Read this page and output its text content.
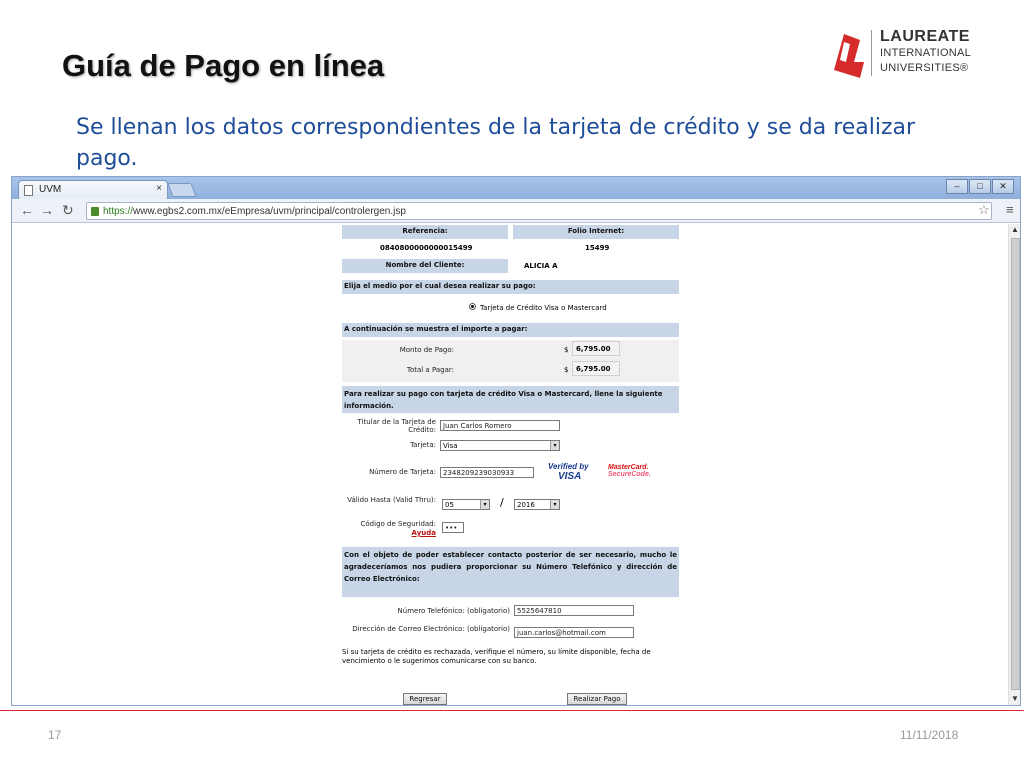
Guía de Pago en línea
LAUREATE
INTERNATIONAL
UNIVERSITIES®
Se llenan los datos correspondientes de la tarjeta de crédito y se da realizar pago.
UVM	×	–	□	✕
← → ↻	https://www.egbs2.com.mx/eEmpresa/uvm/principal/controlergen.jsp	☆ ≡
Referencia:	Folio Internet:
0840800000000015499	15499
Nombre del Cliente:	ALICIA A
Elija el medio por el cual desea realizar su pago:
Tarjeta de Crédito Visa o Mastercard
A continuación se muestra el importe a pagar:
Monto de Pago:	$	6,795.00
Total a Pagar:	$	6,795.00
Para realizar su pago con tarjeta de crédito Visa o Mastercard, llene la siguiente información.
Titular de la Tarjeta de Crédito:	Juan Carlos Romero
Tarjeta:	Visa	▾
Número de Tarjeta:	2348209239030933
Verified by
VISA
MasterCard.
SecureCode.
Válido Hasta (Valid Thru):
05	▾ /	2016	▾
Código de Seguridad:
Ayuda
•••
Con el objeto de poder establecer contacto posterior de ser necesario, mucho le agradeceríamos nos pudiera proporcionar su Número Telefónico y dirección de Correo Electrónico:
Número Telefónico: (obligatorio)	5525647810
Dirección de Correo Electrónico: (obligatorio)	juan.carlos@hotmail.com
Si su tarjeta de crédito es rechazada, verifique el número, su límite disponible, fecha de vencimiento o le sugerimos comunicarse con su banco.
Regresar	Realizar Pago
▲
▼
17	11/11/2018
